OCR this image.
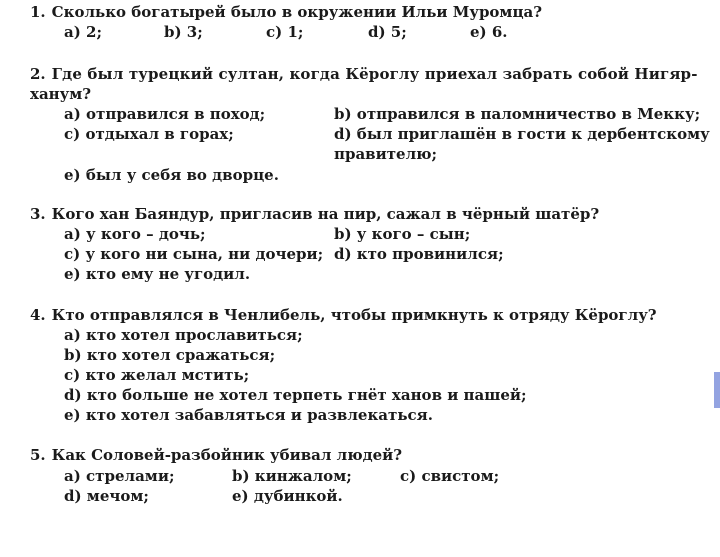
1. Сколько богатырей было в окружении Ильи Муромца?
a) 2;	b) 3;	c) 1;	d) 5;	e) 6.
2. Где был турецкий султан, когда Кёроглу приехал забрать собой Нигяр-
ханум?
a) отправился в поход;	b) отправился в паломничество в Мекку;
c) отдыхал в горах;	d) был приглашён в гости к дербентскому
правителю;
e) был у себя во дворце.
3. Кого хан Баяндур, пригласив на пир, сажал в чёрный шатёр?
a) у кого – дочь;	b) у кого – сын;
c) у кого ни сына, ни дочери; d) кто провинился;
e) кто ему не угодил.
4. Кто отправлялся в Ченлибель, чтобы примкнуть к отряду Кёроглу?
a) кто хотел прославиться;
b) кто хотел сражаться;
c) кто желал мстить;
d) кто больше не хотел терпеть гнёт ханов и пашей;
e) кто хотел забавляться и развлекаться.
5. Как Соловей-разбойник убивал людей?
a) стрелами;	b) кинжалом;	c) свистом;
d) мечом;	e) дубинкой.
